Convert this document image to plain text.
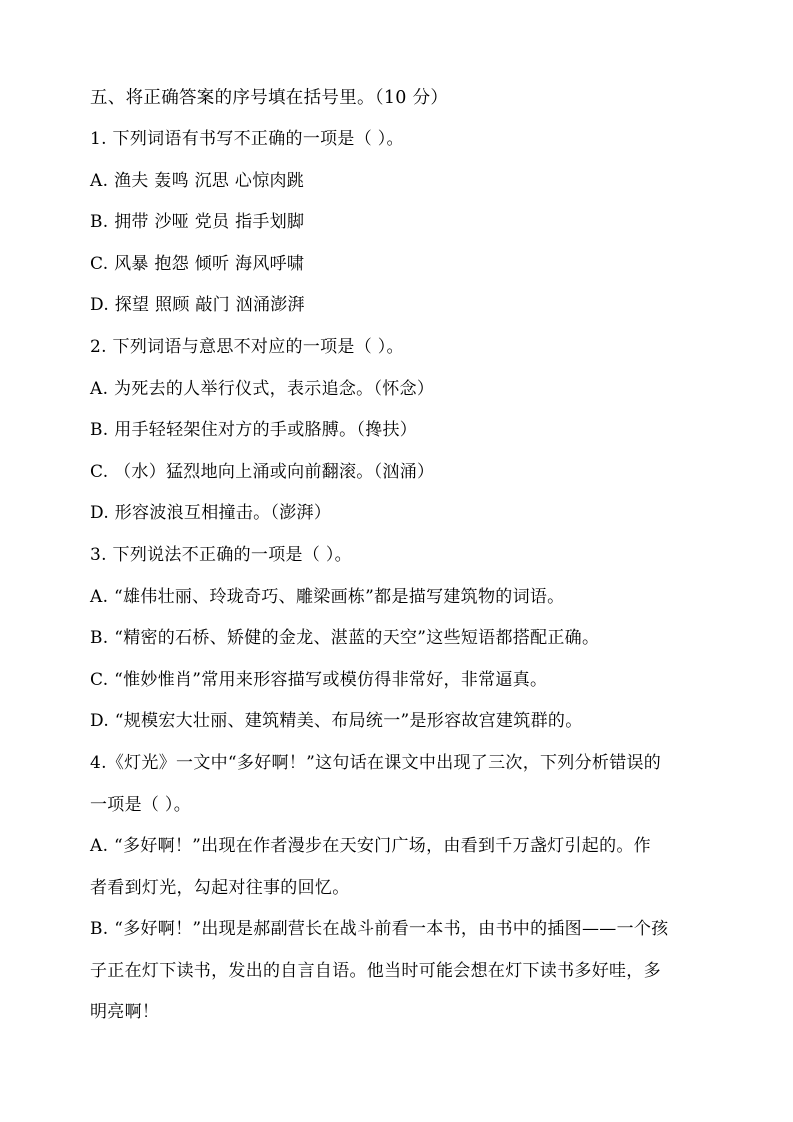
五、将正确答案的序号填在括号里。（10 分）
1. 下列词语有书写不正确的一项是（ ）。
A. 渔夫 轰鸣 沉思 心惊肉跳
B. 拥带 沙哑 党员 指手划脚
C. 风暴 抱怨 倾听 海风呼啸
D. 探望 照顾 敲门 汹涌澎湃
2. 下列词语与意思不对应的一项是（ ）。
A. 为死去的人举行仪式，表示追念。（怀念）
B. 用手轻轻架住对方的手或胳膊。（搀扶）
C. （水）猛烈地向上涌或向前翻滚。（汹涌）
D. 形容波浪互相撞击。（澎湃）
3. 下列说法不正确的一项是（ ）。
A. “雄伟壮丽、玲珑奇巧、雕梁画栋”都是描写建筑物的词语。
B. “精密的石桥、矫健的金龙、湛蓝的天空”这些短语都搭配正确。
C. “惟妙惟肖”常用来形容描写或模仿得非常好，非常逼真。
D. “规模宏大壮丽、建筑精美、布局统一”是形容故宫建筑群的。
4.《灯光》一文中“多好啊！”这句话在课文中出现了三次，下列分析错误的
一项是（ ）。
A. “多好啊！”出现在作者漫步在天安门广场，由看到千万盏灯引起的。作
者看到灯光，勾起对往事的回忆。
B. “多好啊！”出现是郝副营长在战斗前看一本书，由书中的插图——一个孩
子正在灯下读书，发出的自言自语。他当时可能会想在灯下读书多好哇，多
明亮啊！
